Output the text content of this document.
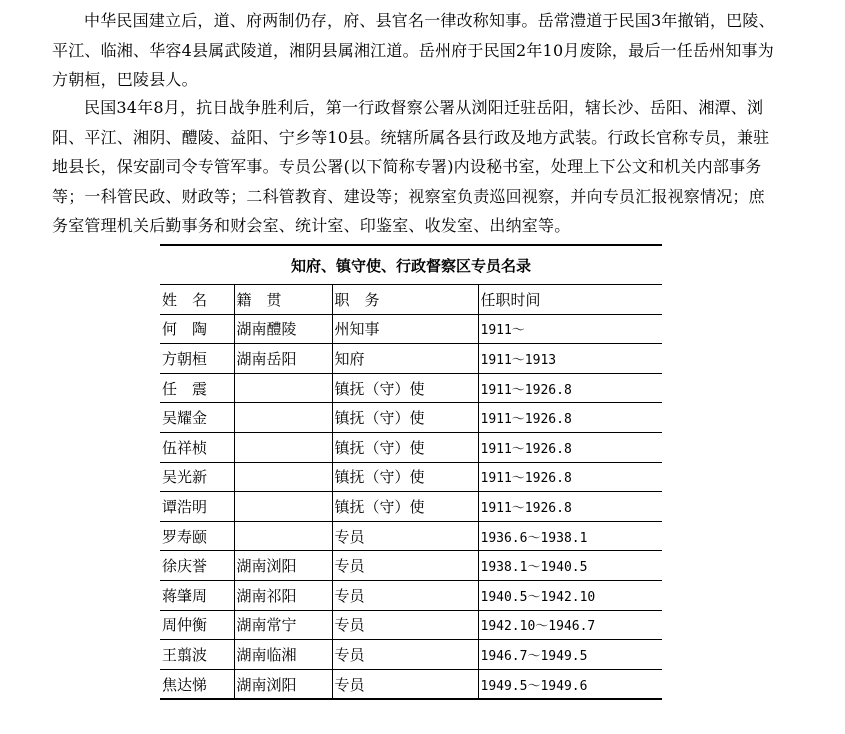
中华民国建立后，道、府两制仍存，府、县官名一律改称知事。岳常澧道于民国3年撤销，巴陵、平江、临湘、华容4县属武陵道，湘阴县属湘江道。岳州府于民国2年10月废除，最后一任岳州知事为方朝桓，巴陵县人。

民国34年8月，抗日战争胜利后，第一行政督察公署从浏阳迁驻岳阳，辖长沙、岳阳、湘潭、浏阳、平江、湘阴、醴陵、益阳、宁乡等10县。统辖所属各县行政及地方武装。行政长官称专员，兼驻地县长，保安副司令专管军事。专员公署(以下简称专署)内设秘书室，处理上下公文和机关内部事务等；一科管民政、财政等；二科管教育、建设等；视察室负责巡回视察，并向专员汇报视察情况；庶务室管理机关后勤事务和财会室、统计室、印鉴室、收发室、出纳室等。

知府、镇守使、行政督察区专员名录			
姓　名	籍　贯	职　务	任职时间
何　陶	湖南醴陵	州知事	1911～
方朝桓	湖南岳阳	知府	1911～1913
任　震		镇抚（守）使	1911～1926.8
吴耀金		镇抚（守）使	1911～1926.8
伍祥桢		镇抚（守）使	1911～1926.8
吴光新		镇抚（守）使	1911～1926.8
谭浩明		镇抚（守）使	1911～1926.8
罗寿颐		专员	1936.6～1938.1
徐庆誉	湖南浏阳	专员	1938.1～1940.5
蒋肇周	湖南祁阳	专员	1940.5～1942.10
周仲衡	湖南常宁	专员	1942.10～1946.7
王翦波	湖南临湘	专员	1946.7～1949.5
焦达悌	湖南浏阳	专员	1949.5～1949.6
